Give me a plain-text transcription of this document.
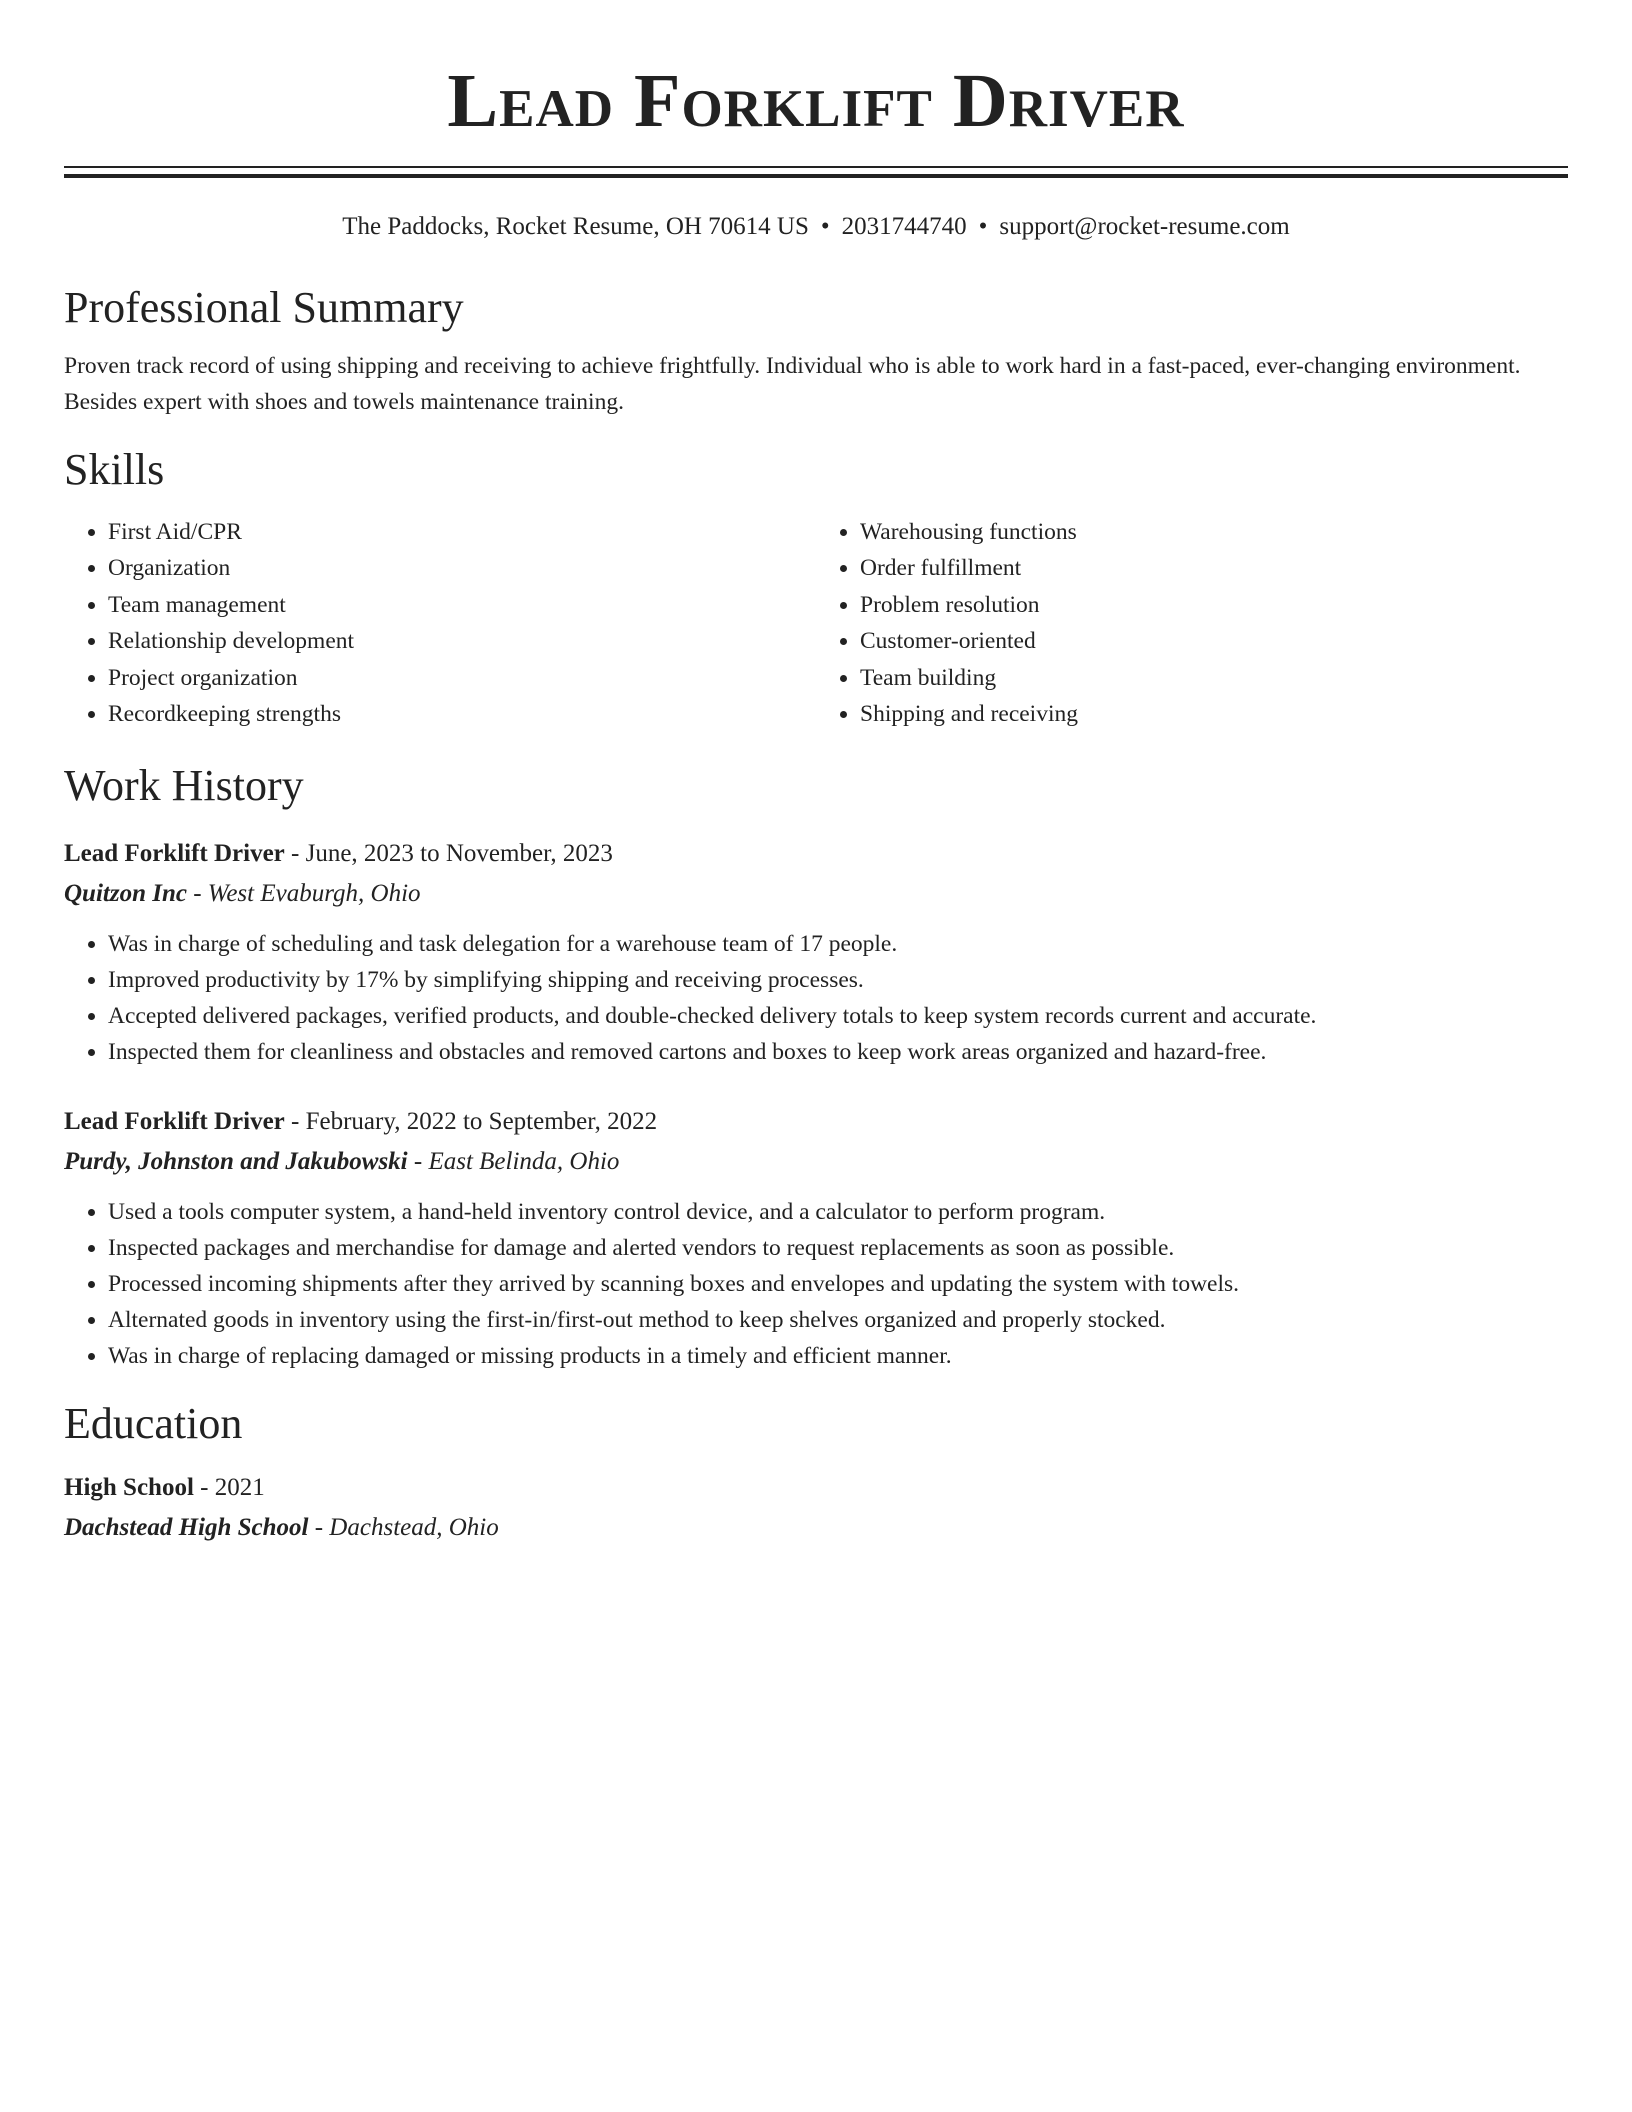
Lead Forklift Driver
The Paddocks, Rocket Resume, OH 70614 US • 2031744740 • support@rocket-resume.com
Professional Summary

Proven track record of using shipping and receiving to achieve frightfully. Individual who is able to work hard in a fast-paced, ever-changing environment. Besides expert with shoes and towels maintenance training.

Skills
• First Aid/CPR
• Organization
• Team management
• Relationship development
• Project organization
• Recordkeeping strengths
• Warehousing functions
• Order fulfillment
• Problem resolution
• Customer-oriented
• Team building
• Shipping and receiving
Work History
Lead Forklift Driver - June, 2023 to November, 2023
Quitzon Inc - West Evaburgh, Ohio
• Was in charge of scheduling and task delegation for a warehouse team of 17 people.
• Improved productivity by 17% by simplifying shipping and receiving processes.
• Accepted delivered packages, verified products, and double-checked delivery totals to keep system records current and accurate.
• Inspected them for cleanliness and obstacles and removed cartons and boxes to keep work areas organized and hazard-free.
Lead Forklift Driver - February, 2022 to September, 2022
Purdy, Johnston and Jakubowski - East Belinda, Ohio
• Used a tools computer system, a hand-held inventory control device, and a calculator to perform program.
• Inspected packages and merchandise for damage and alerted vendors to request replacements as soon as possible.
• Processed incoming shipments after they arrived by scanning boxes and envelopes and updating the system with towels.
• Alternated goods in inventory using the first-in/first-out method to keep shelves organized and properly stocked.
• Was in charge of replacing damaged or missing products in a timely and efficient manner.
Education
High School - 2021
Dachstead High School - Dachstead, Ohio
